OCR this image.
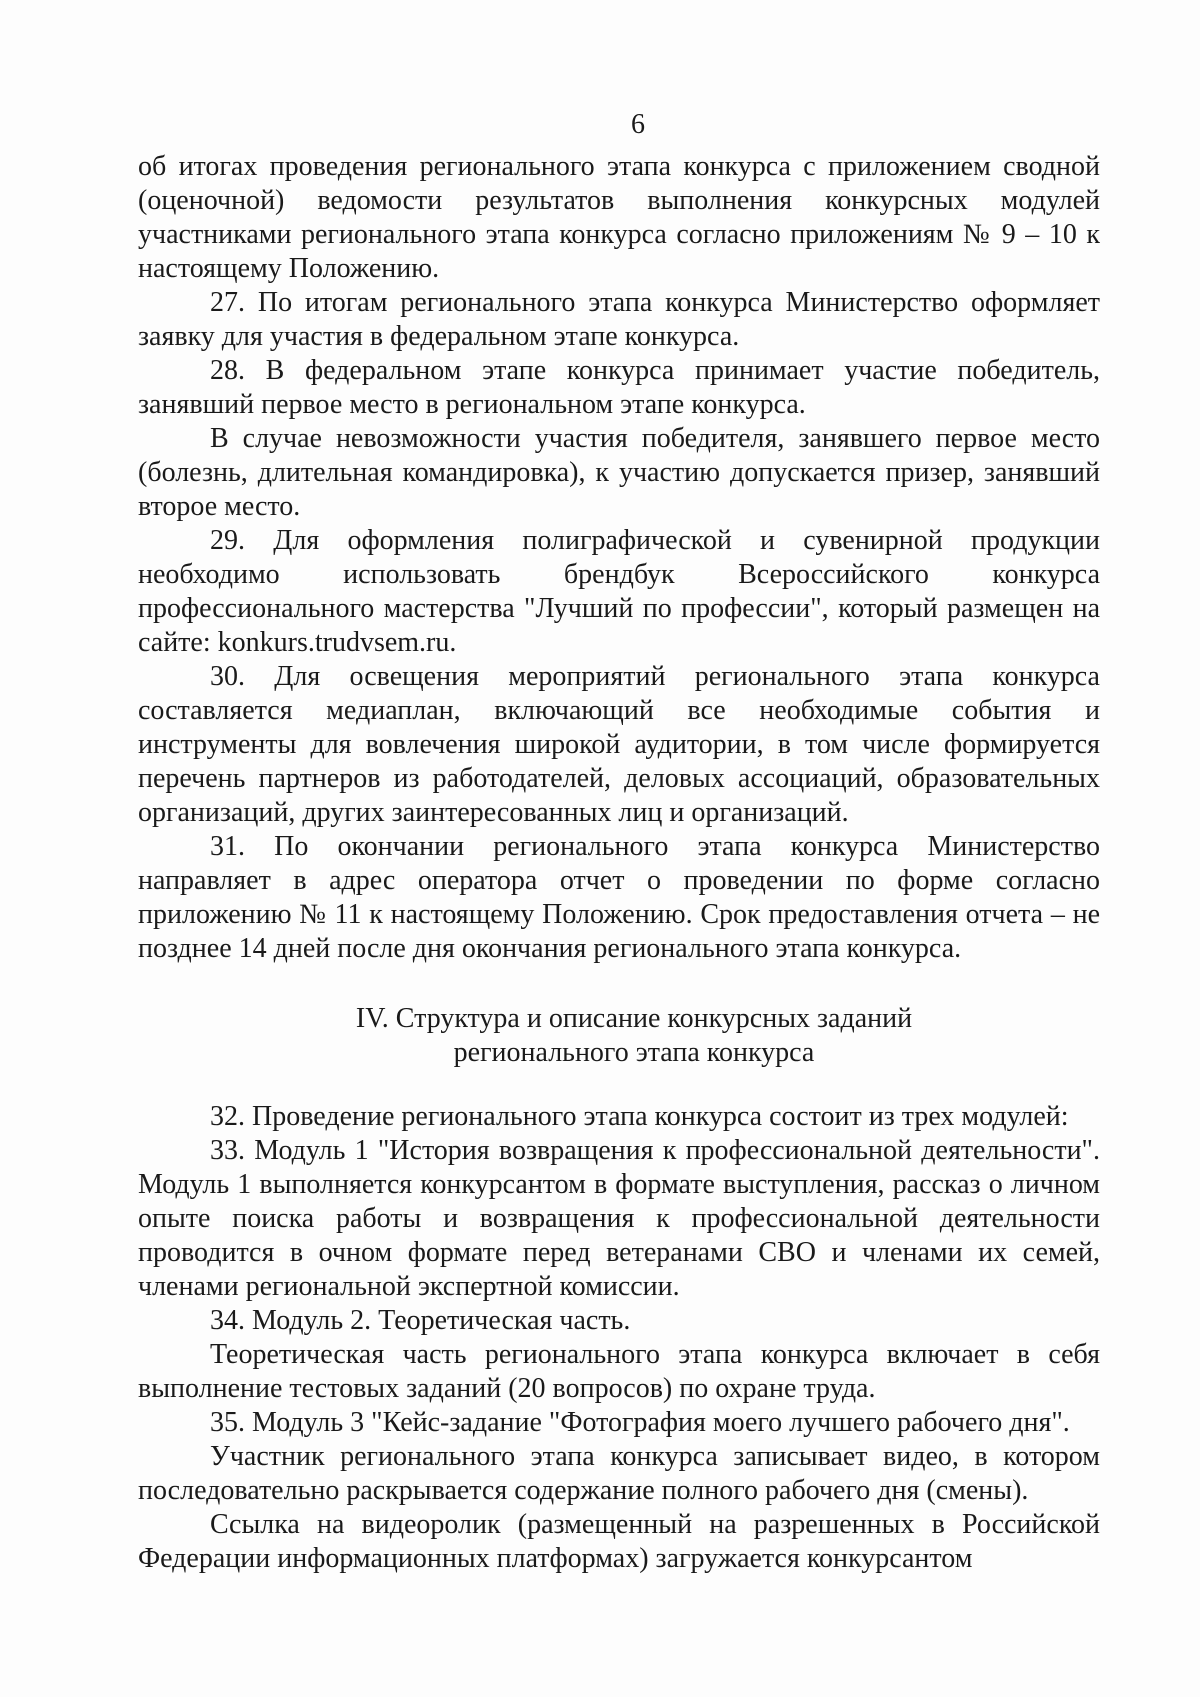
6

об итогах проведения регионального этапа конкурса с приложением сводной (оценочной) ведомости результатов выполнения конкурсных модулей участниками регионального этапа конкурса согласно приложениям № 9 – 10 к настоящему Положению.

27. По итогам регионального этапа конкурса Министерство оформляет заявку для участия в федеральном этапе конкурса.

28. В федеральном этапе конкурса принимает участие победитель, занявший первое место в региональном этапе конкурса.

В случае невозможности участия победителя, занявшего первое место (болезнь, длительная командировка), к участию допускается призер, занявший второе место.

29. Для оформления полиграфической и сувенирной продукции необходимо использовать брендбук Всероссийского конкурса профессионального мастерства "Лучший по профессии", который размещен на сайте: konkurs.trudvsem.ru.

30. Для освещения мероприятий регионального этапа конкурса составляется медиаплан, включающий все необходимые события и инструменты для вовлечения широкой аудитории, в том числе формируется перечень партнеров из работодателей, деловых ассоциаций, образовательных организаций, других заинтересованных лиц и организаций.

31. По окончании регионального этапа конкурса Министерство направляет в адрес оператора отчет о проведении по форме согласно приложению № 11 к настоящему Положению. Срок предоставления отчета – не позднее 14 дней после дня окончания регионального этапа конкурса.

IV. Структура и описание конкурсных заданий
регионального этапа конкурса

32. Проведение регионального этапа конкурса состоит из трех модулей:

33. Модуль 1 "История возвращения к профессиональной деятельности". Модуль 1 выполняется конкурсантом в формате выступления, рассказ о личном опыте поиска работы и возвращения к профессиональной деятельности проводится в очном формате перед ветеранами СВО и членами их семей, членами региональной экспертной комиссии.

34. Модуль 2. Теоретическая часть.

Теоретическая часть регионального этапа конкурса включает в себя выполнение тестовых заданий (20 вопросов) по охране труда.

35. Модуль 3 "Кейс-задание "Фотография моего лучшего рабочего дня".

Участник регионального этапа конкурса записывает видео, в котором последовательно раскрывается содержание полного рабочего дня (смены).

Ссылка на видеоролик (размещенный на разрешенных в Российской Федерации информационных платформах) загружается конкурсантом
